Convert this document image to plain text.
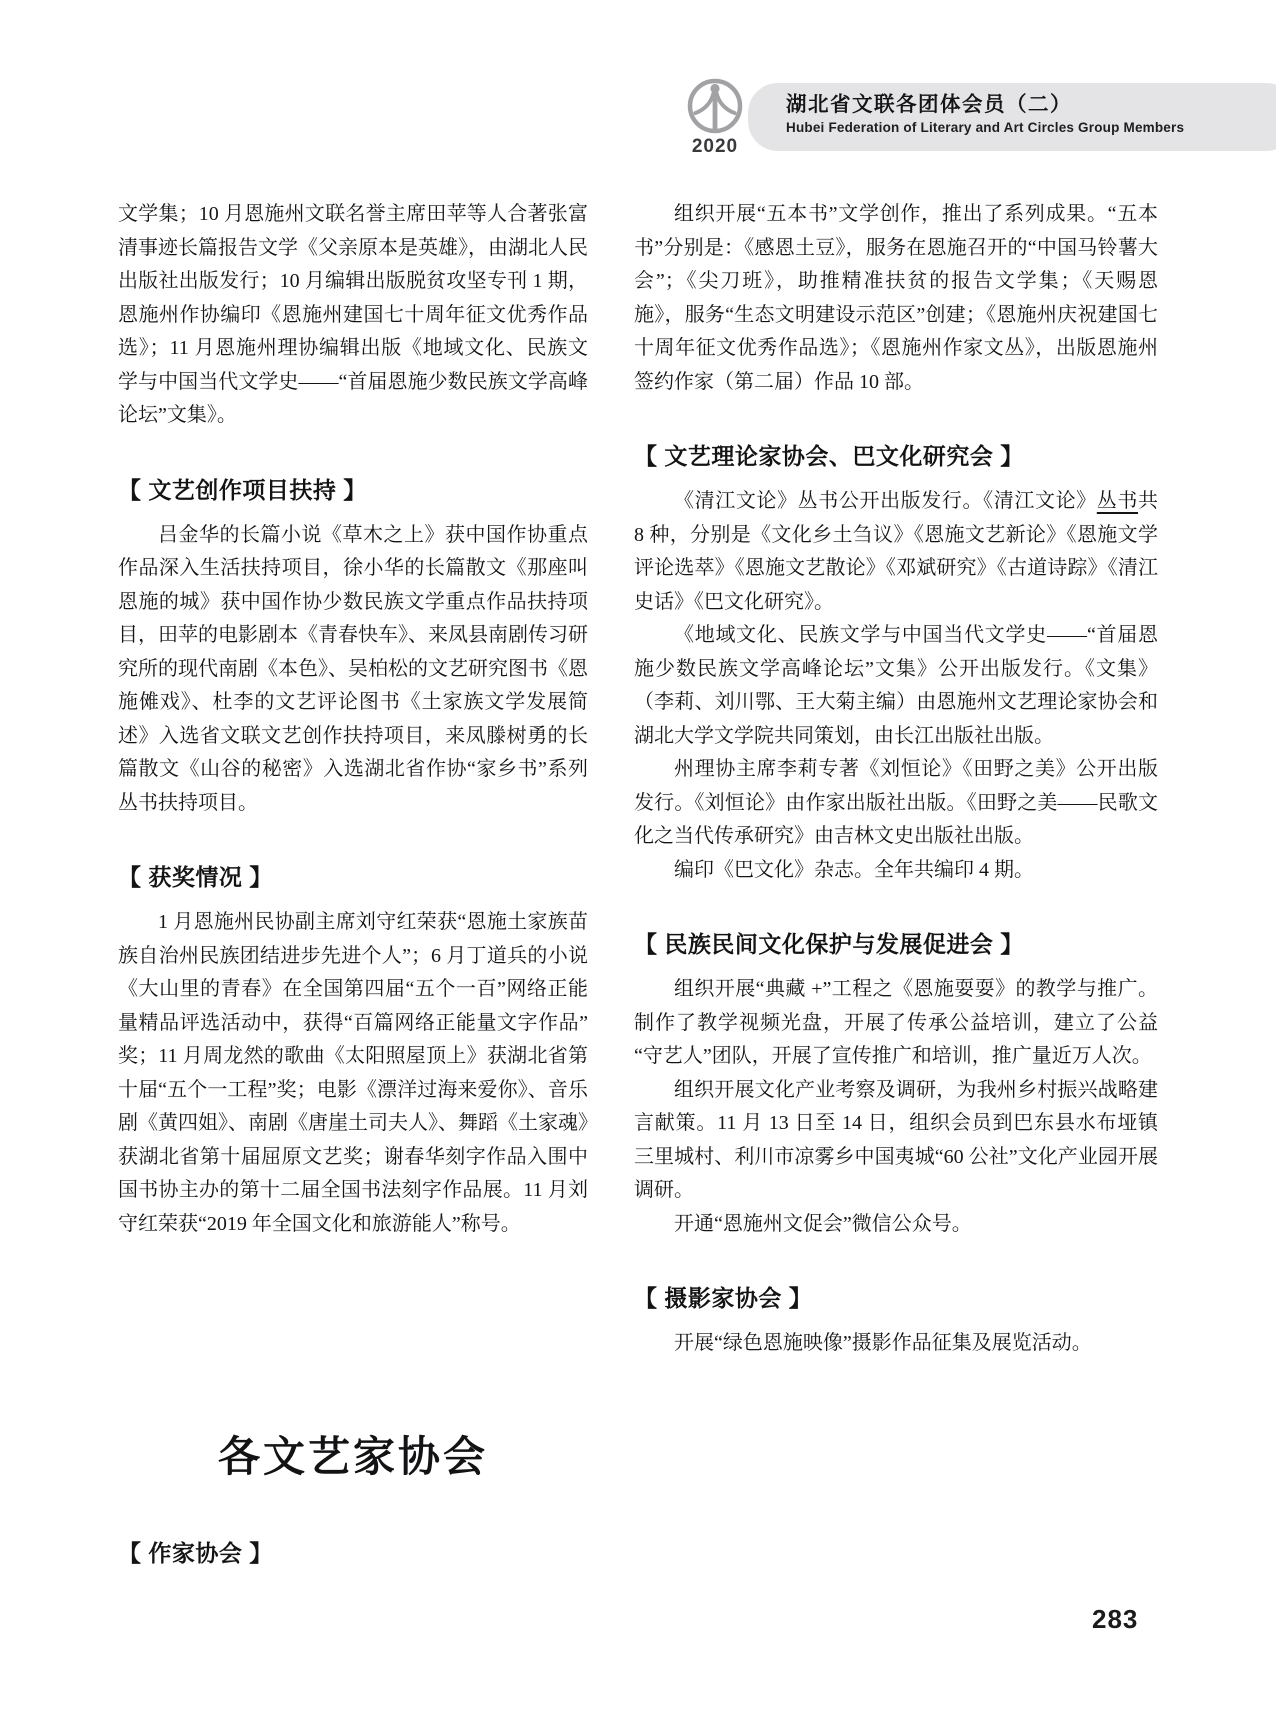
2020
湖北省文联各团体会员（二）
Hubei Federation of Literary and Art Circles Group Members

文学集；10 月恩施州文联名誉主席田苹等人合著张富清事迹长篇报告文学《父亲原本是英雄》，由湖北人民出版社出版发行；10 月编辑出版脱贫攻坚专刊 1 期，恩施州作协编印《恩施州建国七十周年征文优秀作品选》；11 月恩施州理协编辑出版《地域文化、民族文学与中国当代文学史——“首届恩施少数民族文学高峰论坛”文集》。

【 文艺创作项目扶持 】

吕金华的长篇小说《草木之上》获中国作协重点作品深入生活扶持项目，徐小华的长篇散文《那座叫恩施的城》获中国作协少数民族文学重点作品扶持项目，田苹的电影剧本《青春快车》、来凤县南剧传习研究所的现代南剧《本色》、吴柏松的文艺研究图书《恩施傩戏》、杜李的文艺评论图书《土家族文学发展简述》入选省文联文艺创作扶持项目，来凤滕树勇的长篇散文《山谷的秘密》入选湖北省作协“家乡书”系列丛书扶持项目。

【 获奖情况 】

1 月恩施州民协副主席刘守红荣获“恩施土家族苗族自治州民族团结进步先进个人”；6 月丁道兵的小说《大山里的青春》在全国第四届“五个一百”网络正能量精品评选活动中，获得“百篇网络正能量文字作品”奖；11 月周龙然的歌曲《太阳照屋顶上》获湖北省第十届“五个一工程”奖；电影《漂洋过海来爱你》、音乐剧《黄四姐》、南剧《唐崖土司夫人》、舞蹈《土家魂》获湖北省第十届屈原文艺奖；谢春华刻字作品入围中国书协主办的第十二届全国书法刻字作品展。11 月刘守红荣获“2019 年全国文化和旅游能人”称号。

各文艺家协会
【 作家协会 】

组织开展“五本书”文学创作，推出了系列成果。“五本书”分别是：《感恩土豆》，服务在恩施召开的“中国马铃薯大会”；《尖刀班》，助推精准扶贫的报告文学集；《天赐恩施》，服务“生态文明建设示范区”创建；《恩施州庆祝建国七十周年征文优秀作品选》；《恩施州作家文丛》，出版恩施州签约作家（第二届）作品 10 部。

【 文艺理论家协会、巴文化研究会 】

《清江文论》丛书公开出版发行。《清江文论》丛书共 8 种，分别是《文化乡土刍议》《恩施文艺新论》《恩施文学评论选萃》《恩施文艺散论》《邓斌研究》《古道诗踪》《清江史话》《巴文化研究》。

《地域文化、民族文学与中国当代文学史——“首届恩施少数民族文学高峰论坛”文集》公开出版发行。《文集》（李莉、刘川鄂、王大菊主编）由恩施州文艺理论家协会和湖北大学文学院共同策划，由长江出版社出版。

州理协主席李莉专著《刘恒论》《田野之美》公开出版发行。《刘恒论》由作家出版社出版。《田野之美——民歌文化之当代传承研究》由吉林文史出版社出版。

编印《巴文化》杂志。全年共编印 4 期。

【 民族民间文化保护与发展促进会 】

组织开展“典藏 +”工程之《恩施耍耍》的教学与推广。制作了教学视频光盘，开展了传承公益培训，建立了公益“守艺人”团队，开展了宣传推广和培训，推广量近万人次。

组织开展文化产业考察及调研，为我州乡村振兴战略建言献策。11 月 13 日至 14 日，组织会员到巴东县水布垭镇三里城村、利川市凉雾乡中国夷城“60 公社”文化产业园开展调研。

开通“恩施州文促会”微信公众号。

【 摄影家协会 】

开展“绿色恩施映像”摄影作品征集及展览活动。

283
